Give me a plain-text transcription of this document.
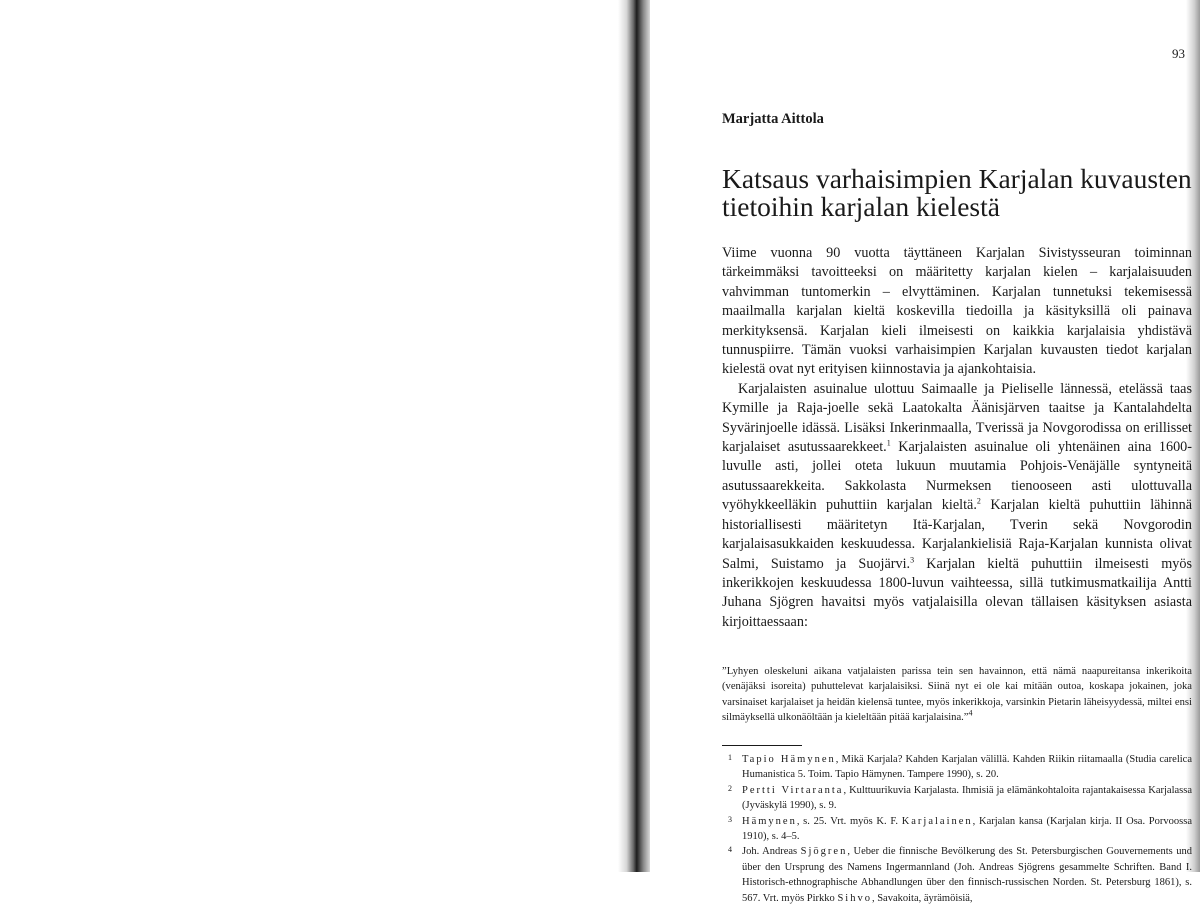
93
Marjatta Aittola
Katsaus varhaisimpien Karjalan kuvausten tietoihin karjalan kielestä

Viime vuonna 90 vuotta täyttäneen Karjalan Sivistysseuran toiminnan tärkeimmäksi tavoitteeksi on määritetty karjalan kielen – karjalaisuuden vahvimman tuntomerkin – elvyttäminen. Karjalan tunnetuksi tekemisessä maailmalla karjalan kieltä koskevilla tiedoilla ja käsityksillä oli painava merkityksensä. Karjalan kieli ilmeisesti on kaikkia karjalaisia yhdistävä tunnuspiirre. Tämän vuoksi varhaisimpien Karjalan kuvausten tiedot karjalan kielestä ovat nyt erityisen kiinnostavia ja ajankohtaisia.

Karjalaisten asuinalue ulottuu Saimaalle ja Pieliselle lännessä, etelässä taas Kymille ja Raja-joelle sekä Laatokalta Äänisjärven taaitse ja Kantalahdelta Syvärinjoelle idässä. Lisäksi Inkerinmaalla, Tverissä ja Novgorodissa on erillisset karjalaiset asutussaarekkeet.$^1$ Karjalaisten asuinalue oli yhtenäinen aina 1600-luvulle asti, jollei oteta lukuun muutamia Pohjois-Venäjälle syntyneitä asutussaarekkeita. Sakkolasta Nurmeksen tienooseen asti ulottuvalla vyöhykkeelläkin puhuttiin karjalan kieltä.$^2$ Karjalan kieltä puhuttiin lähinnä historiallisesti määritetyn Itä-Karjalan, Tverin sekä Novgorodin karjalaisasukkaiden keskuudessa. Karjalankielisiä Raja-Karjalan kunnista olivat Salmi, Suistamo ja Suojärvi.$^3$ Karjalan kieltä puhuttiin ilmeisesti myös inkerikkojen keskuudessa 1800-luvun vaihteessa, sillä tutkimusmatkailija Antti Juhana Sjögren havaitsi myös vatjalaisilla olevan tällaisen käsityksen asiasta kirjoittaessaan:

”Lyhyen oleskeluni aikana vatjalaisten parissa tein sen havainnon, että nämä naapureitansa inkerikoita (venäjäksi isoreita) puhuttelevat karjalaisiksi. Siinä nyt ei ole kai mitään outoa, koskapa jokainen, joka varsinaiset karjalaiset ja heidän kielensä tuntee, myös inkerikkoja, varsinkin Pietarin läheisyydessä, miltei ensi silmäyksellä ulkonäöltään ja kieleltään pitää karjalaisina.”$^4$

1 Tapio Hämynen, Mikä Karjala? Kahden Karjalan välillä. Kahden Riikin riitamaalla (Studia carelica Humanistica 5. Toim. Tapio Hämynen. Tampere 1990), s. 20.

2 Pertti Virtaranta, Kulttuurikuvia Karjalasta. Ihmisiä ja elämänkohtaloita rajantakaisessa Karjalassa (Jyväskylä 1990), s. 9.

3 Hämynen, s. 25. Vrt. myös K. F. Karjalainen, Karjalan kansa (Karjalan kirja. II Osa. Porvoossa 1910), s. 4–5.

4 Joh. Andreas Sjögren, Ueber die finnische Bevölkerung des St. Petersburgischen Gouvernements und über den Ursprung des Namens Ingermannland (Joh. Andreas Sjögrens gesammelte Schriften. Band I. Historisch-ethnographische Abhandlungen über den finnisch-russischen Norden. St. Petersburg 1861), s. 567. Vrt. myös Pirkko Sihvo, Savakoita, äyrämöisiä,
